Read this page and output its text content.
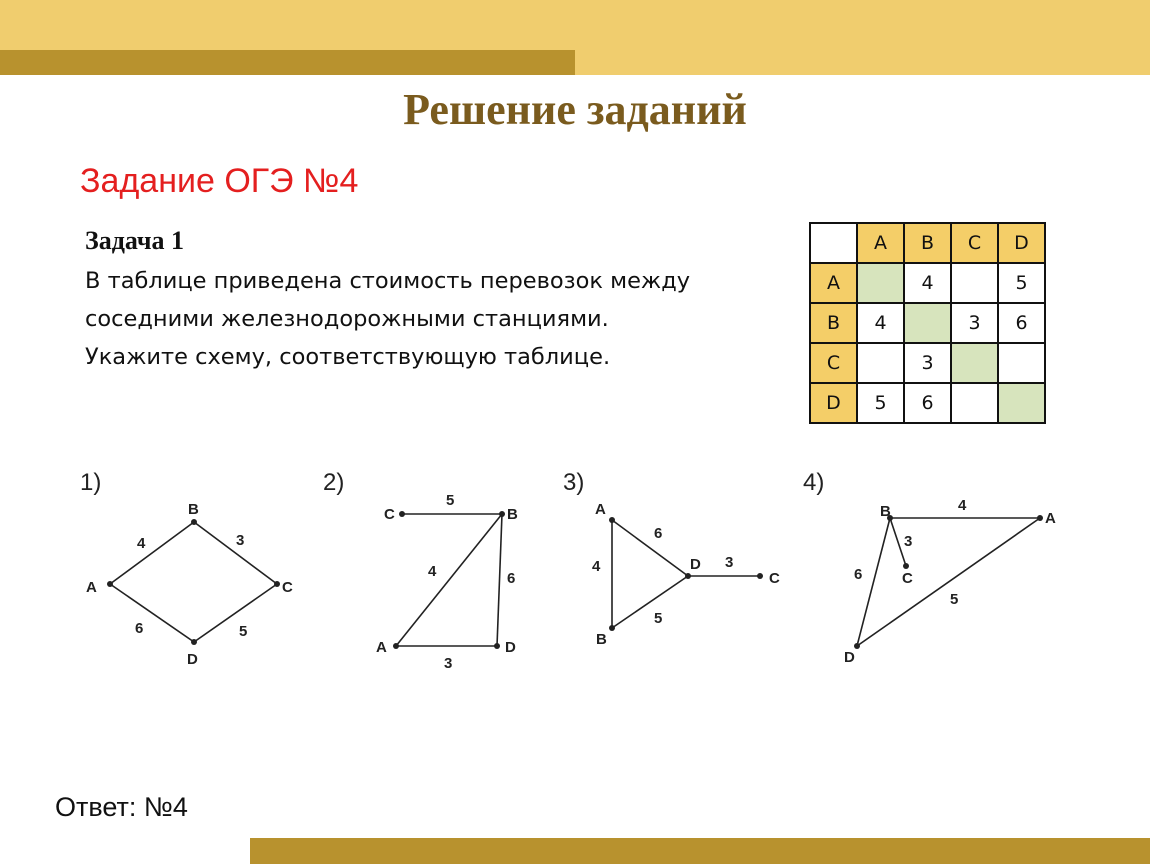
Решение заданий
Задание ОГЭ №4
Задача 1
В таблице приведена стоимость перевозок между
соседними железнодорожными станциями.
Укажите схему, соответствующую таблице.
	A	B	C	D
A		4		5
B	4		3	6
C		3		
D	5	6		
1)
A
B
C
D
4	3
6	5
2)
C	B
A	D
5
4	6
3
3)
A
D
C
B
6
4	3
5
4)
B	A
C
D
4
3
6
5
Ответ: №4
